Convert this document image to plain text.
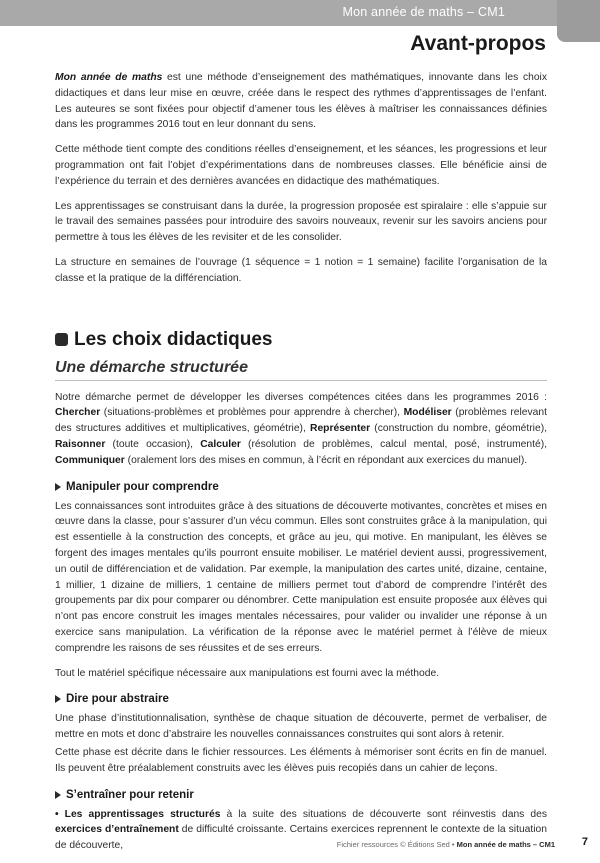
Mon année de maths – CM1
Avant-propos

Mon année de maths est une méthode d’enseignement des mathématiques, innovante dans les choix didactiques et dans leur mise en œuvre, créée dans le respect des rythmes d’apprentissages de l’enfant. Les auteures se sont fixées pour objectif d’amener tous les élèves à maîtriser les connaissances définies dans les programmes 2016 tout en leur donnant du sens.

Cette méthode tient compte des conditions réelles d’enseignement, et les séances, les progressions et leur programmation ont fait l’objet d’expérimentations dans de nombreuses classes. Elle bénéficie ainsi de l’expérience du terrain et des dernières avancées en didactique des mathématiques.

Les apprentissages se construisant dans la durée, la progression proposée est spiralaire : elle s’appuie sur le travail des semaines passées pour introduire des savoirs nouveaux, revenir sur les savoirs anciens pour permettre à tous les élèves de les revisiter et de les consolider.

La structure en semaines de l’ouvrage (1 séquence = 1 notion = 1 semaine) facilite l’organisation de la classe et la pratique de la différenciation.

Les choix didactiques
Une démarche structurée

Notre démarche permet de développer les diverses compétences citées dans les programmes 2016 : Chercher (situations-problèmes et problèmes pour apprendre à chercher), Modéliser (problèmes relevant des structures additives et multiplicatives, géométrie), Représenter (construction du nombre, géométrie), Raisonner (toute occasion), Calculer (résolution de problèmes, calcul mental, posé, instrumenté), Communiquer (oralement lors des mises en commun, à l’écrit en répondant aux exercices du manuel).

Manipuler pour comprendre

Les connaissances sont introduites grâce à des situations de découverte motivantes, concrètes et mises en œuvre dans la classe, pour s’assurer d’un vécu commun. Elles sont construites grâce à la manipulation, qui est essentielle à la construction des concepts, et grâce au jeu, qui motive. En manipulant, les élèves se forgent des images mentales qu’ils pourront ensuite mobiliser. Le matériel devient aussi, progressivement, un outil de différenciation et de validation. Par exemple, la manipulation des cartes unité, dizaine, centaine, 1 millier, 1 dizaine de milliers, 1 centaine de milliers permet tout d’abord de comprendre l’intérêt des groupements par dix pour comparer ou dénombrer. Cette manipulation est ensuite proposée aux élèves qui n’ont pas encore construit les images mentales nécessaires, pour valider ou invalider une réponse à un exercice sans manipulation. La vérification de la réponse avec le matériel permet à l’élève de mieux comprendre les raisons de ses réussites et de ses erreurs.

Tout le matériel spécifique nécessaire aux manipulations est fourni avec la méthode.

Dire pour abstraire

Une phase d’institutionnalisation, synthèse de chaque situation de découverte, permet de verbaliser, de mettre en mots et donc d’abstraire les nouvelles connaissances construites qui sont alors à retenir.

Cette phase est décrite dans le fichier ressources. Les éléments à mémoriser sont écrits en fin de manuel. Ils peuvent être préalablement construits avec les élèves puis recopiés dans un cahier de leçons.

S’entraîner pour retenir

• Les apprentissages structurés à la suite des situations de découverte sont réinvestis dans des exercices d’entraînement de difficulté croissante. Certains exercices reprennent le contexte de la situation de découverte,	Fichier ressources © Éditions Sed • Mon année de maths – CM1 7
